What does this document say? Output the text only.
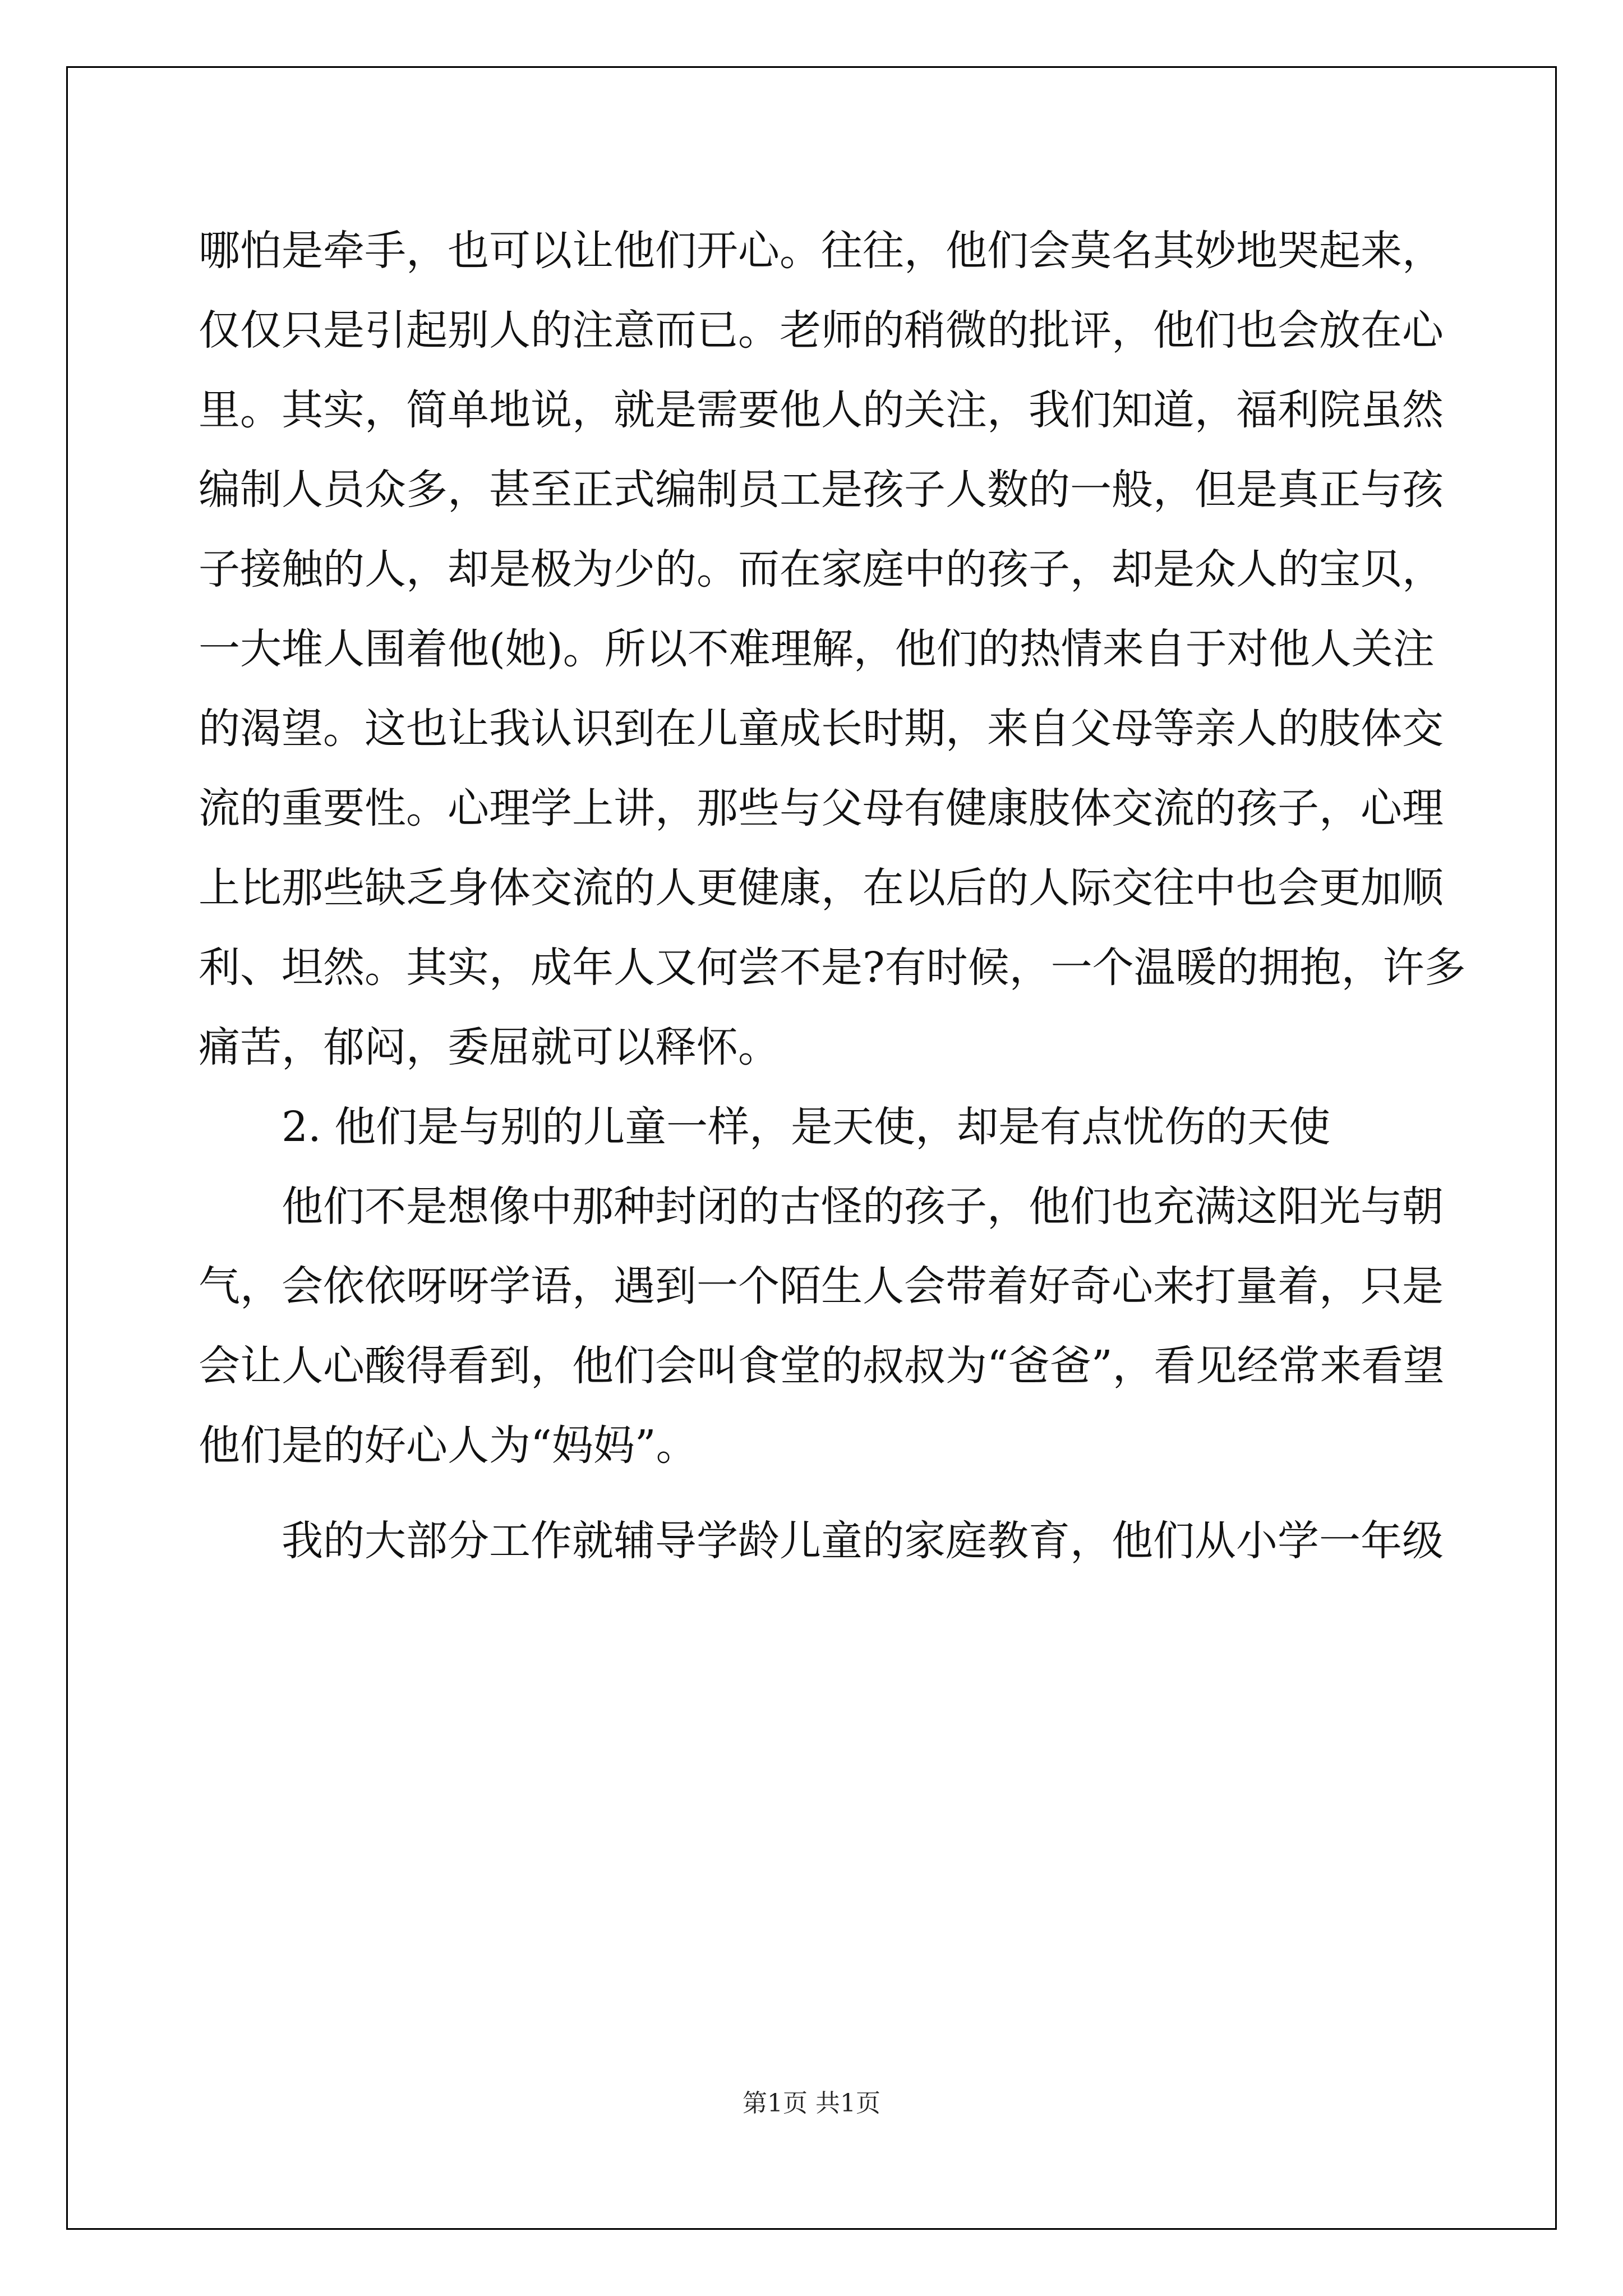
哪怕是牵手，也可以让他们开心。往往，他们会莫名其妙地哭起来，
仅仅只是引起别人的注意而已。老师的稍微的批评，他们也会放在心
里。其实，简单地说，就是需要他人的关注，我们知道，福利院虽然
编制人员众多，甚至正式编制员工是孩子人数的一般，但是真正与孩
子接触的人，却是极为少的。而在家庭中的孩子，却是众人的宝贝，
一大堆人围着他(她)。所以不难理解，他们的热情来自于对他人关注
的渴望。这也让我认识到在儿童成长时期，来自父母等亲人的肢体交
流的重要性。心理学上讲，那些与父母有健康肢体交流的孩子，心理
上比那些缺乏身体交流的人更健康，在以后的人际交往中也会更加顺
利、坦然。其实，成年人又何尝不是?有时候，一个温暖的拥抱，许多
痛苦，郁闷，委屈就可以释怀。
2. 他们是与别的儿童一样，是天使，却是有点忧伤的天使
他们不是想像中那种封闭的古怪的孩子，他们也充满这阳光与朝
气，会依依呀呀学语，遇到一个陌生人会带着好奇心来打量着，只是
会让人心酸得看到，他们会叫食堂的叔叔为“爸爸”，看见经常来看望
他们是的好心人为“妈妈”。
我的大部分工作就辅导学龄儿童的家庭教育，他们从小学一年级
第1页 共1页
